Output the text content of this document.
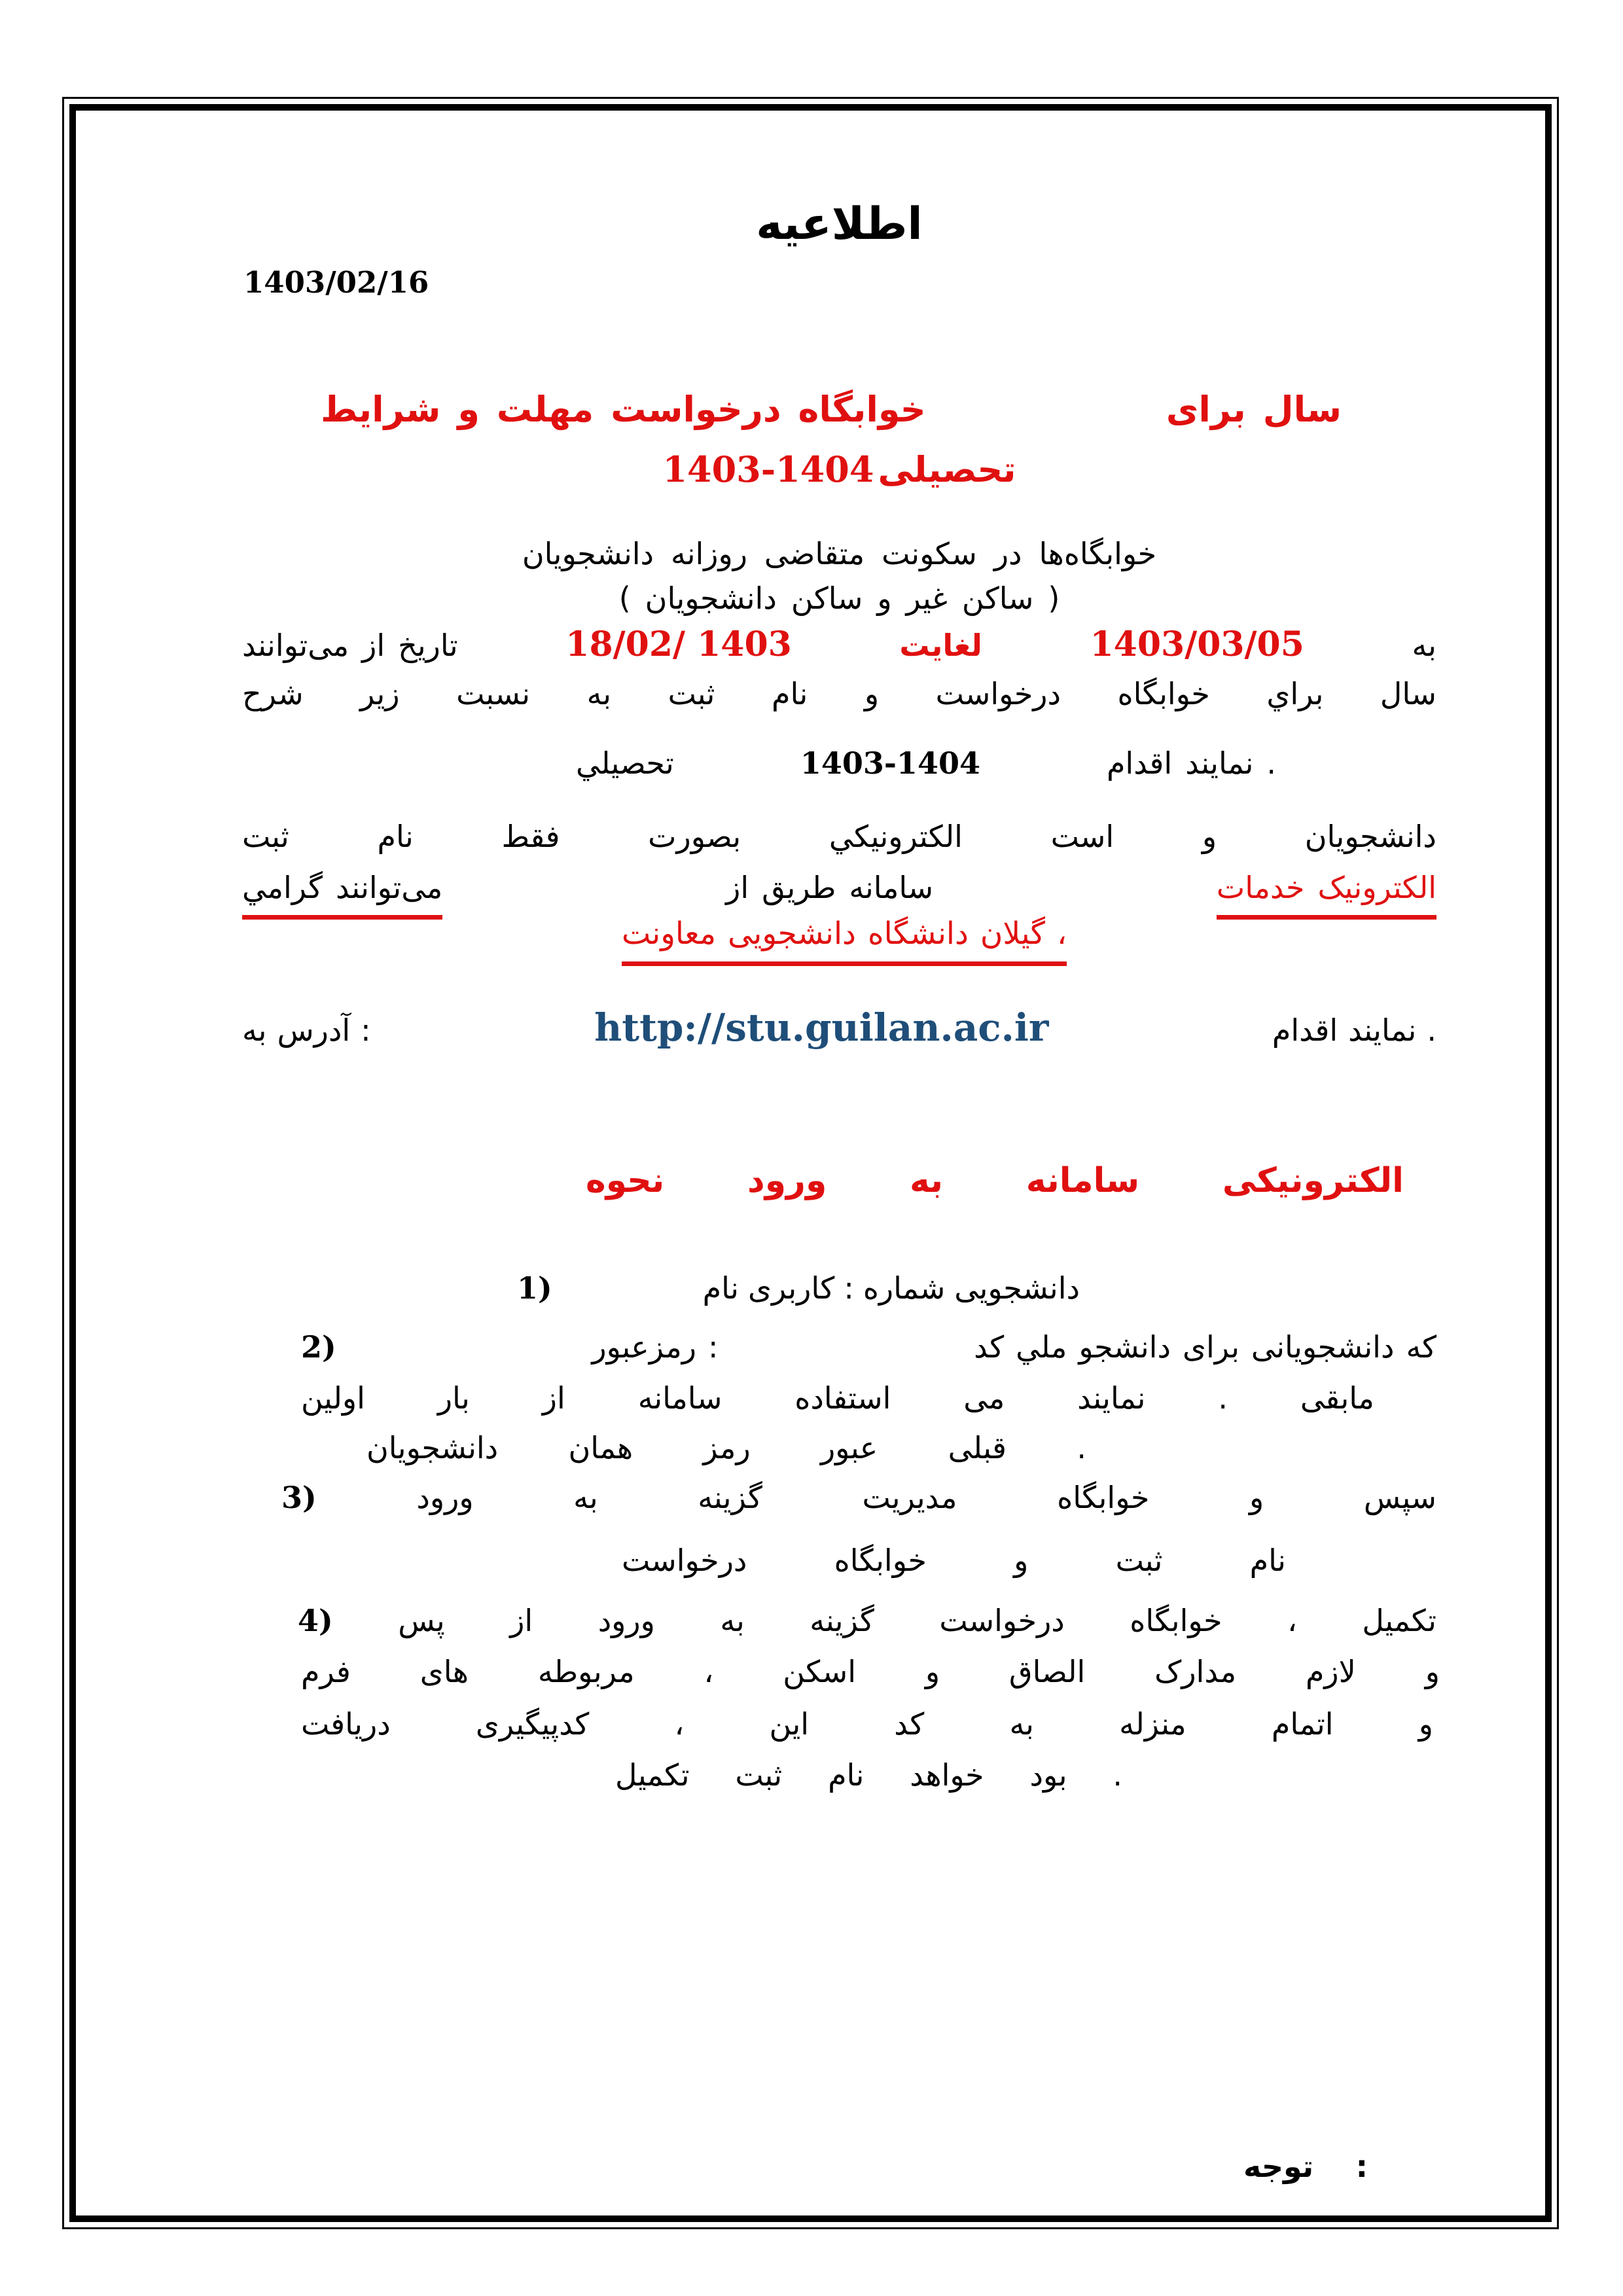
اطلاعیه
1403/02/16
شرایط و مهلت درخواست خوابگاه	برای سال
1403-1404 تحصیلی
دانشجویان روزانه متقاضی سکونت در خوابگاه‌ها
( دانشجویان ساکن و غیر ساکن )
می‌توانند از تاریخ	18/02/ 1403	لغایت	1403/03/05	به
شرح زیر نسبت به ثبت نام و درخواست خوابگاه براي سال
تحصيلي	1403-1404	اقدام نمايند .
ثبت	نام	فقط	بصورت	الکترونيکي	است	و	دانشجویان
گرامي می‌توانند	از طریق سامانه	خدمات الکترونیک
معاونت دانشجویی دانشگاه گیلان ،
به آدرس :	http://stu.guilan.ac.ir	اقدام نمایند .
نحوه ورود به سامانه الکترونیکی
1)	نام کاربری : شماره دانشجویی
2)	رمزعبور :	کد ملي دانشجو برای دانشجویانی که
اولین بار از سامانه استفاده می نمایند . مابقی
دانشجویان همان رمز عبور قبلی .
3)	ورود	به	گزینه	مدیریت	خوابگاه	و	سپس
درخواست	خوابگاه	و	ثبت	نام
4) پس از ورود به گزینه درخواست خوابگاه ، تکمیل
فرم های مربوطه ، اسکن و الصاق مدارک لازم و
دریافت	کدپیگیری	،	این	کد	به	منزله	اتمام	و
تکمیل ثبت نام خواهد بود .
توجه :
